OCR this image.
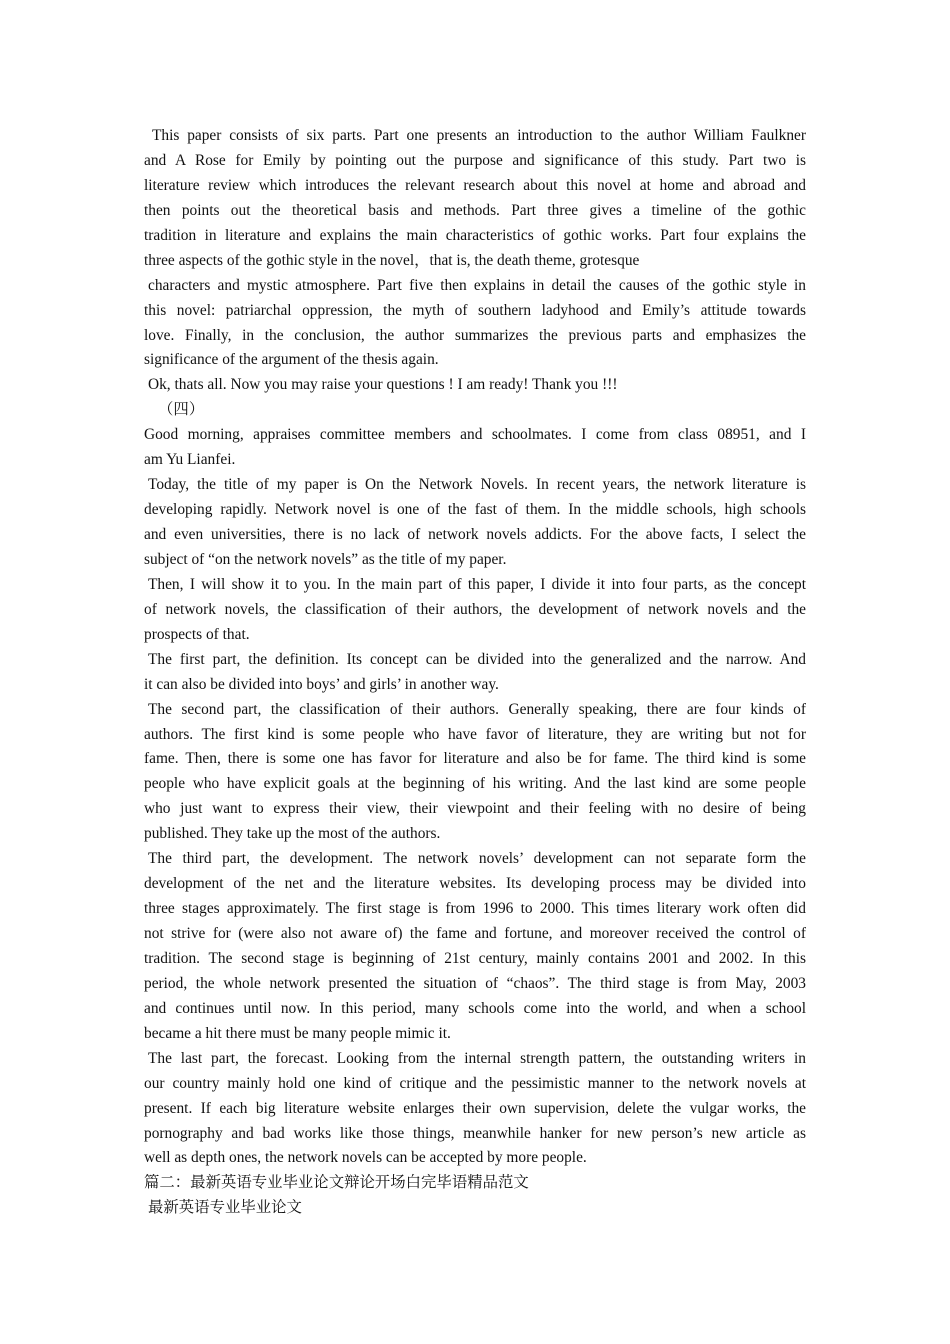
This paper consists of six parts. Part one presents an introduction to the author William Faulkner
and A Rose for Emily by pointing out the purpose and significance of this study. Part two is
literature review which introduces the relevant research about this novel at home and abroad and
then points out the theoretical basis and methods. Part three gives a timeline of the gothic
tradition in literature and explains the main characteristics of gothic works. Part four explains the
three aspects of the gothic style in the novel，that is, the death theme, grotesque
characters and mystic atmosphere. Part five then explains in detail the causes of the gothic style in
this novel: patriarchal oppression, the myth of southern ladyhood and Emily’s attitude towards
love. Finally, in the conclusion, the author summarizes the previous parts and emphasizes the
significance of the argument of the thesis again.
Ok, thats all. Now you may raise your questions ! I am ready! Thank you !!!
（四）
Good morning, appraises committee members and schoolmates. I come from class 08951, and I
am Yu Lianfei.
Today, the title of my paper is On the Network Novels. In recent years, the network literature is
developing rapidly. Network novel is one of the fast of them. In the middle schools, high schools
and even universities, there is no lack of network novels addicts. For the above facts, I select the
subject of “on the network novels” as the title of my paper.
Then, I will show it to you. In the main part of this paper, I divide it into four parts, as the concept
of network novels, the classification of their authors, the development of network novels and the
prospects of that.
The first part, the definition. Its concept can be divided into the generalized and the narrow. And
it can also be divided into boys’ and girls’ in another way.
The second part, the classification of their authors. Generally speaking, there are four kinds of
authors. The first kind is some people who have favor of literature, they are writing but not for
fame. Then, there is some one has favor for literature and also be for fame. The third kind is some
people who have explicit goals at the beginning of his writing. And the last kind are some people
who just want to express their view, their viewpoint and their feeling with no desire of being
published. They take up the most of the authors.
The third part, the development. The network novels’ development can not separate form the
development of the net and the literature websites. Its developing process may be divided into
three stages approximately. The first stage is from 1996 to 2000. This times literary work often did
not strive for (were also not aware of) the fame and fortune, and moreover received the control of
tradition. The second stage is beginning of 21st century, mainly contains 2001 and 2002. In this
period, the whole network presented the situation of “chaos”. The third stage is from May, 2003
and continues until now. In this period, many schools come into the world, and when a school
became a hit there must be many people mimic it.
The last part, the forecast. Looking from the internal strength pattern, the outstanding writers in
our country mainly hold one kind of critique and the pessimistic manner to the network novels at
present. If each big literature website enlarges their own supervision, delete the vulgar works, the
pornography and bad works like those things, meanwhile hanker for new person’s new article as
well as depth ones, the network novels can be accepted by more people.
篇二：最新英语专业毕业论文辩论开场白完毕语精品范文
最新英语专业毕业论文
